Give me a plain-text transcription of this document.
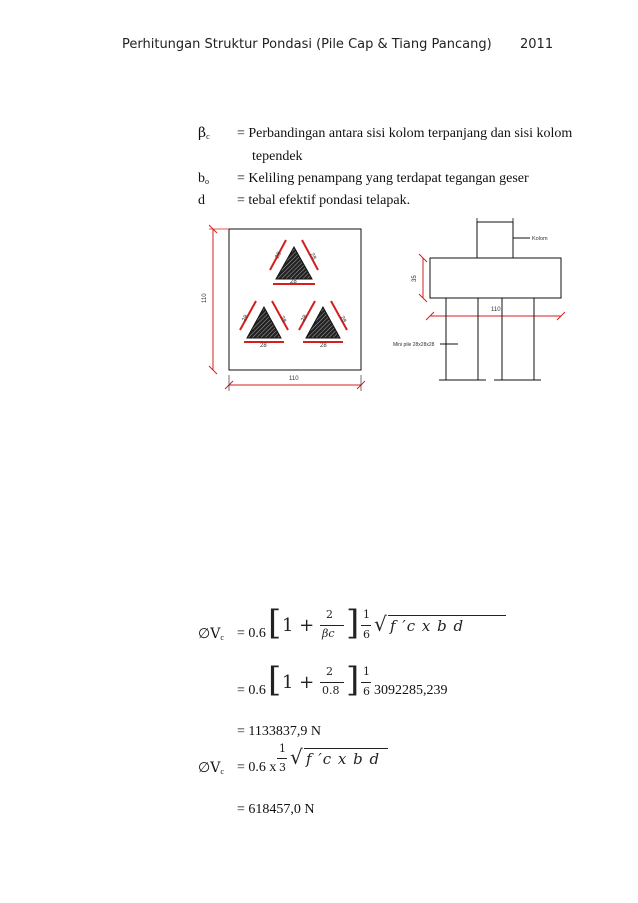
Perhitungan Struktur Pondasi (Pile Cap & Tiang Pancang) 2011
$\beta_c$ = Perbandingan antara sisi kolom terpanjang dan sisi kolom
tependek
$b_o$ = Keliling penampang yang terdapat tegangan geser
d = tebal efektif pondasi telapak.
28	28
28
28	28
28
28	28
28
110
110
Kolom
35
110
Mini pile 28x28x28
$\emptyset V_c = 0.6$ [ 1 +
2
βc ] 1
6 √ f ′c x b d
= 0.6 [ 1 +
2
0.8 ] 1
6 3092285,239
= 1133837,9 N
$\emptyset V_c = 0.6$ x
1
3 √ f ′c x b d
= 618457,0 N
